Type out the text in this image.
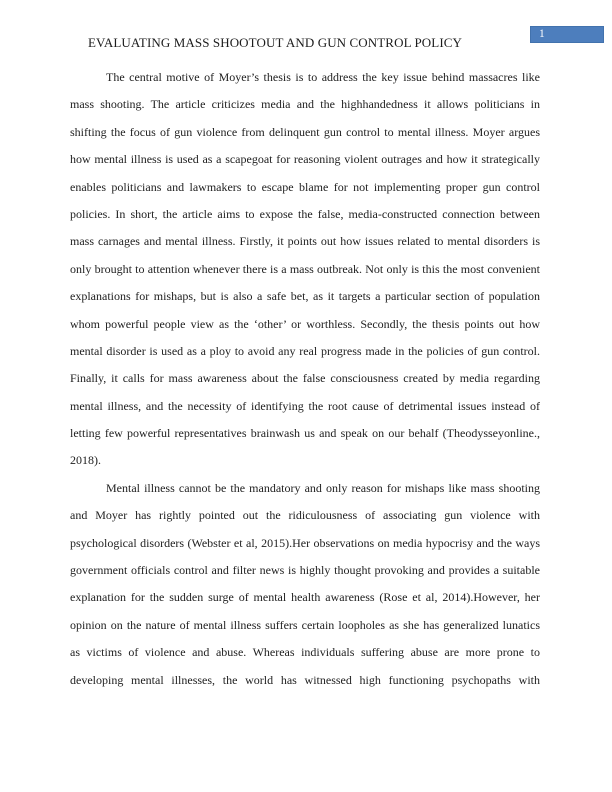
EVALUATING MASS SHOOTOUT AND GUN CONTROL POLICY
1
The central motive of Moyer’s thesis is to address the key issue behind massacres like
mass shooting. The article criticizes media and the highhandedness it allows politicians in
shifting the focus of gun violence from delinquent gun control to mental illness. Moyer argues
how mental illness is used as a scapegoat for reasoning violent outrages and how it strategically
enables politicians and lawmakers to escape blame for not implementing proper gun control
policies. In short, the article aims to expose the false, media-constructed connection between
mass carnages and mental illness. Firstly, it points out how issues related to mental disorders is
only brought to attention whenever there is a mass outbreak. Not only is this the most convenient
explanations for mishaps, but is also a safe bet, as it targets a particular section of population
whom powerful people view as the ‘other’ or worthless. Secondly, the thesis points out how
mental disorder is used as a ploy to avoid any real progress made in the policies of gun control.
Finally, it calls for mass awareness about the false consciousness created by media regarding
mental illness, and the necessity of identifying the root cause of detrimental issues instead of
letting few powerful representatives brainwash us and speak on our behalf (Theodysseyonline.,
2018).
Mental illness cannot be the mandatory and only reason for mishaps like mass shooting
and Moyer has rightly pointed out the ridiculousness of associating gun violence with
psychological disorders (Webster et al, 2015).Her observations on media hypocrisy and the ways
government officials control and filter news is highly thought provoking and provides a suitable
explanation for the sudden surge of mental health awareness (Rose et al, 2014).However, her
opinion on the nature of mental illness suffers certain loopholes as she has generalized lunatics
as victims of violence and abuse. Whereas individuals suffering abuse are more prone to
developing mental illnesses, the world has witnessed high functioning psychopaths with
